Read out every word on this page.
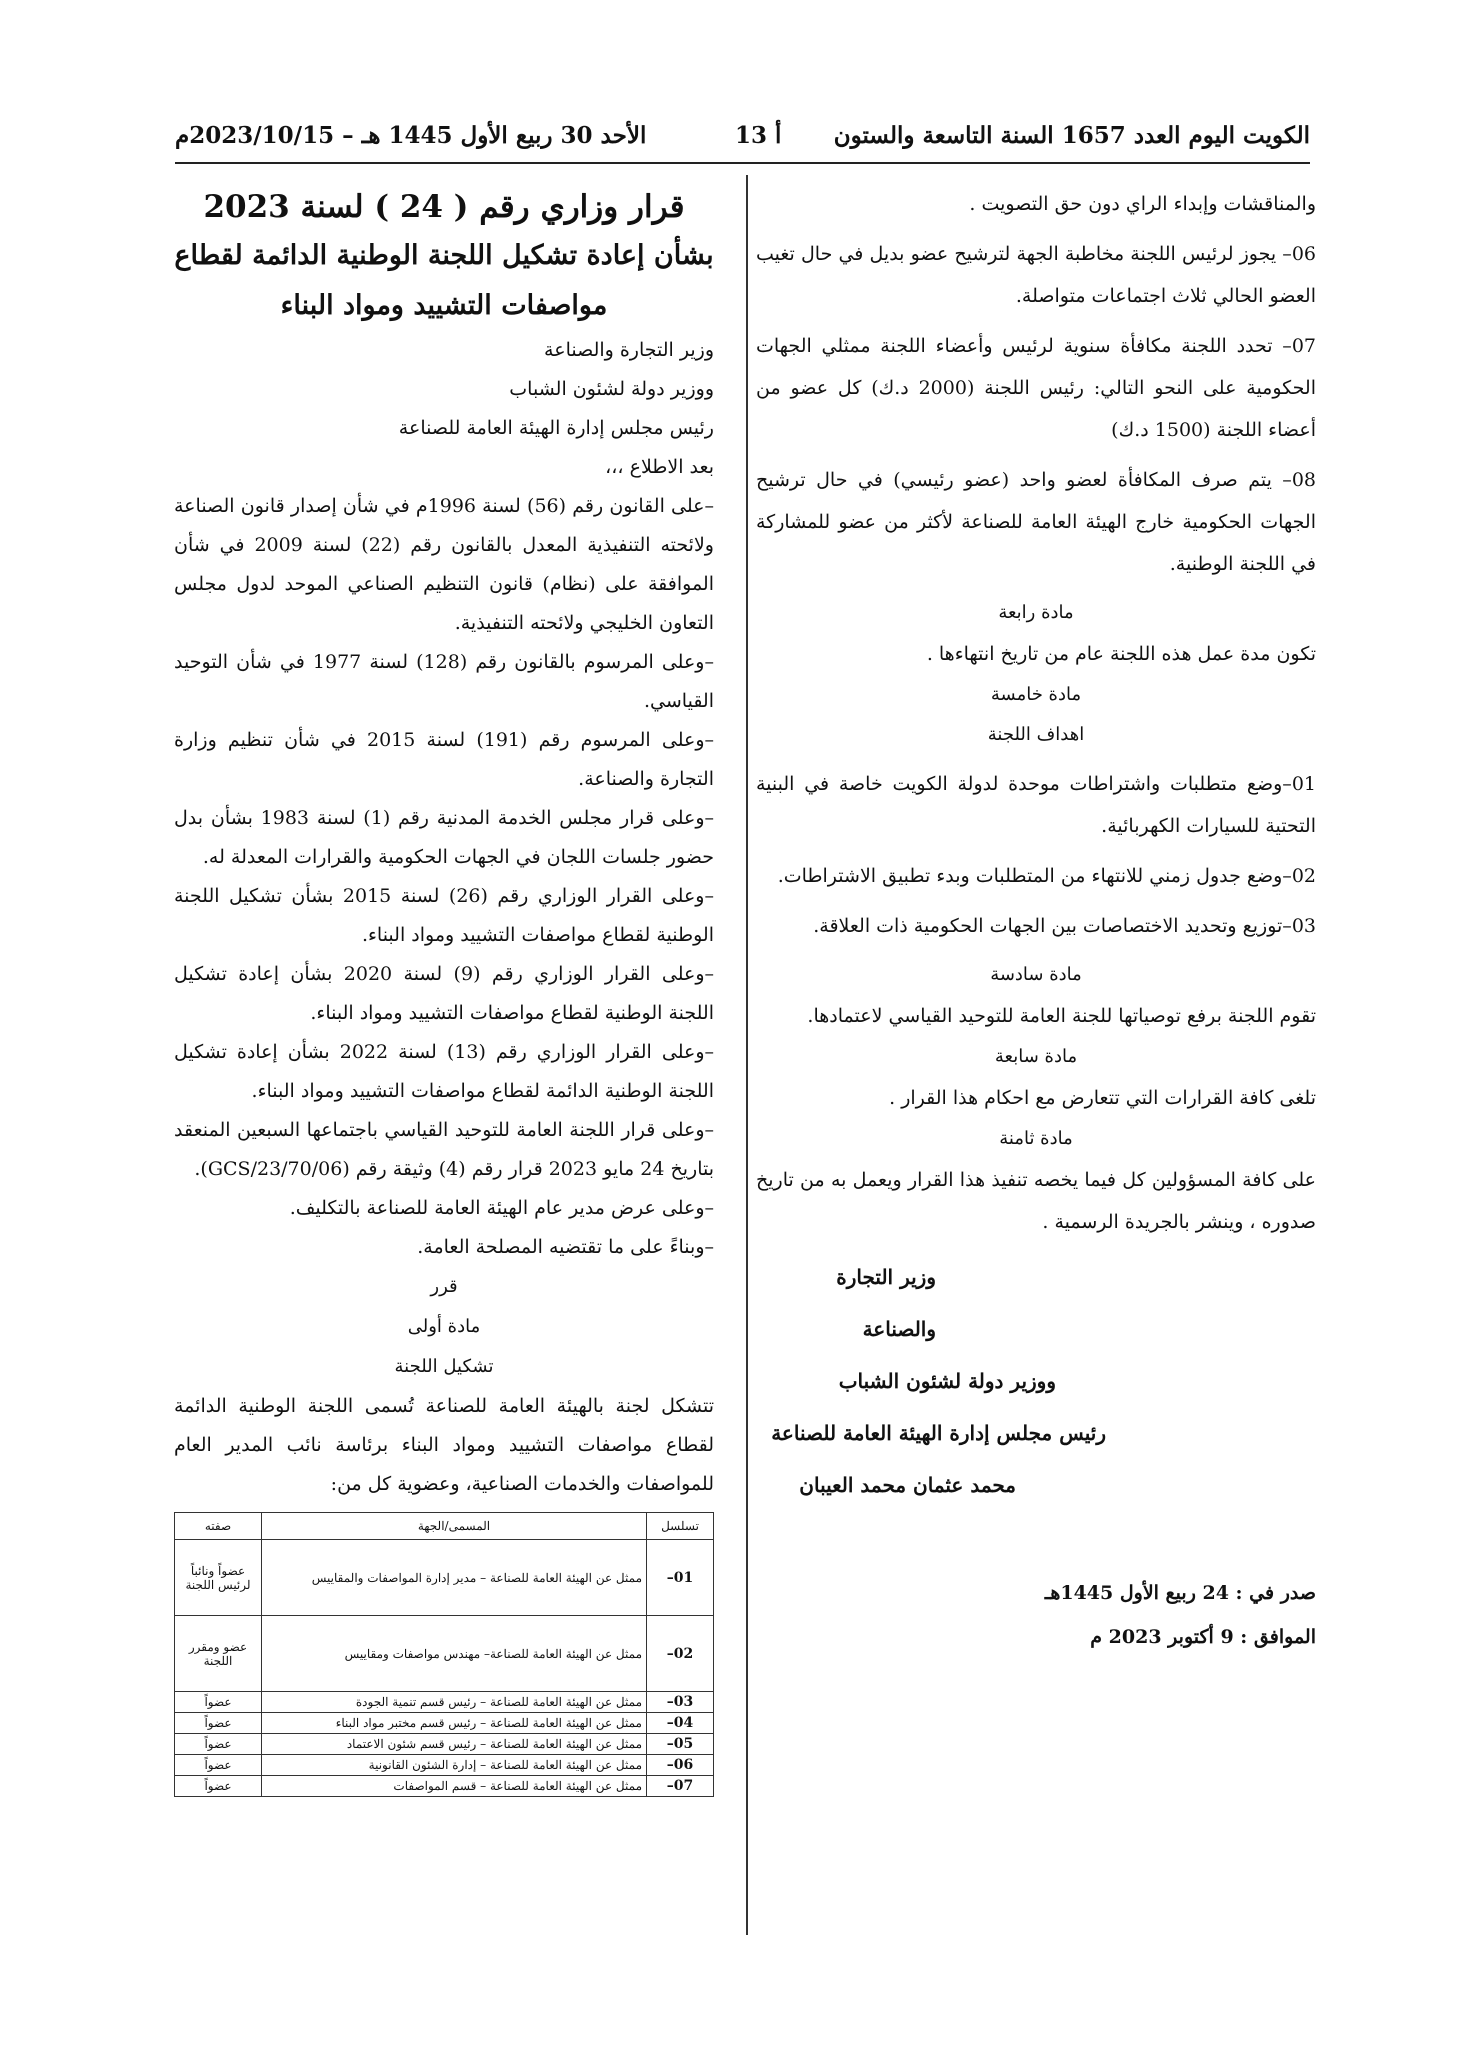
الكويت اليوم العدد 1657 السنة التاسعة والستون
أ 13
الأحد 30 ربيع الأول 1445 هـ – 2023/10/15م

والمناقشات وإبداء الراي دون حق التصويت .

06– يجوز لرئيس اللجنة مخاطبة الجهة لترشيح عضو بديل في حال تغيب العضو الحالي ثلاث اجتماعات متواصلة.

07– تحدد اللجنة مكافأة سنوية لرئيس وأعضاء اللجنة ممثلي الجهات الحكومية على النحو التالي: رئيس اللجنة (2000 د.ك) كل عضو من أعضاء اللجنة (1500 د.ك)

08– يتم صرف المكافأة لعضو واحد (عضو رئيسي) في حال ترشيح الجهات الحكومية خارج الهيئة العامة للصناعة لأكثر من عضو للمشاركة في اللجنة الوطنية.

مادة رابعة

تكون مدة عمل هذه اللجنة عام من تاريخ انتهاءها .

مادة خامسة

اهداف اللجنة

01–وضع متطلبات واشتراطات موحدة لدولة الكويت خاصة في البنية التحتية للسيارات الكهربائية.

02–وضع جدول زمني للانتهاء من المتطلبات وبدء تطبيق الاشتراطات.

03–توزيع وتحديد الاختصاصات بين الجهات الحكومية ذات العلاقة.

مادة سادسة

تقوم اللجنة برفع توصياتها للجنة العامة للتوحيد القياسي لاعتمادها.

مادة سابعة

تلغى كافة القرارات التي تتعارض مع احكام هذا القرار .

مادة ثامنة

على كافة المسؤولين كل فيما يخصه تنفيذ هذا القرار ويعمل به من تاريخ صدوره ، وينشر بالجريدة الرسمية .

وزير التجارة والصناعة

ووزير دولة لشئون الشباب

رئيس مجلس إدارة الهيئة العامة للصناعة

محمد عثمان محمد العيبان

صدر في : 24 ربيع الأول 1445هـ

الموافق : 9 أكتوبر 2023 م

قرار وزاري رقم ( 24 ) لسنة 2023

بشأن إعادة تشكيل اللجنة الوطنية الدائمة لقطاع

مواصفات التشييد ومواد البناء

وزير التجارة والصناعة

ووزير دولة لشئون الشباب

رئيس مجلس إدارة الهيئة العامة للصناعة

بعد الاطلاع ،،،

–على القانون رقم (56) لسنة 1996م في شأن إصدار قانون الصناعة ولائحته التنفيذية المعدل بالقانون رقم (22) لسنة 2009 في شأن الموافقة على (نظام) قانون التنظيم الصناعي الموحد لدول مجلس التعاون الخليجي ولائحته التنفيذية.

–وعلى المرسوم بالقانون رقم (128) لسنة 1977 في شأن التوحيد القياسي.

–وعلى المرسوم رقم (191) لسنة 2015 في شأن تنظيم وزارة التجارة والصناعة.

–وعلى قرار مجلس الخدمة المدنية رقم (1) لسنة 1983 بشأن بدل حضور جلسات اللجان في الجهات الحكومية والقرارات المعدلة له.

–وعلى القرار الوزاري رقم (26) لسنة 2015 بشأن تشكيل اللجنة الوطنية لقطاع مواصفات التشييد ومواد البناء.

–وعلى القرار الوزاري رقم (9) لسنة 2020 بشأن إعادة تشكيل اللجنة الوطنية لقطاع مواصفات التشييد ومواد البناء.

–وعلى القرار الوزاري رقم (13) لسنة 2022 بشأن إعادة تشكيل اللجنة الوطنية الدائمة لقطاع مواصفات التشييد ومواد البناء.

–وعلى قرار اللجنة العامة للتوحيد القياسي باجتماعها السبعين المنعقد بتاريخ 24 مايو 2023 قرار رقم (4) وثيقة رقم (GCS/23/70/06).

–وعلى عرض مدير عام الهيئة العامة للصناعة بالتكليف.

–وبناءً على ما تقتضيه المصلحة العامة.

قرر

مادة أولى

تشكيل اللجنة

تتشكل لجنة بالهيئة العامة للصناعة تُسمى اللجنة الوطنية الدائمة لقطاع مواصفات التشييد ومواد البناء برئاسة نائب المدير العام للمواصفات والخدمات الصناعية، وعضوية كل من:

تسلسل	المسمى/الجهة	صفته
01–	ممثل عن الهيئة العامة للصناعة – مدير إدارة المواصفات والمقاييس	عضواً ونائباً لرئيس اللجنة
02–	ممثل عن الهيئة العامة للصناعة– مهندس مواصفات ومقاييس	عضو ومقرر اللجنة
03–	ممثل عن الهيئة العامة للصناعة – رئيس قسم تنمية الجودة	عضواً
04–	ممثل عن الهيئة العامة للصناعة – رئيس قسم مختبر مواد البناء	عضواً
05–	ممثل عن الهيئة العامة للصناعة – رئيس قسم شئون الاعتماد	عضواً
06–	ممثل عن الهيئة العامة للصناعة – إدارة الشئون القانونية	عضواً
07–	ممثل عن الهيئة العامة للصناعة – قسم المواصفات	عضواً
